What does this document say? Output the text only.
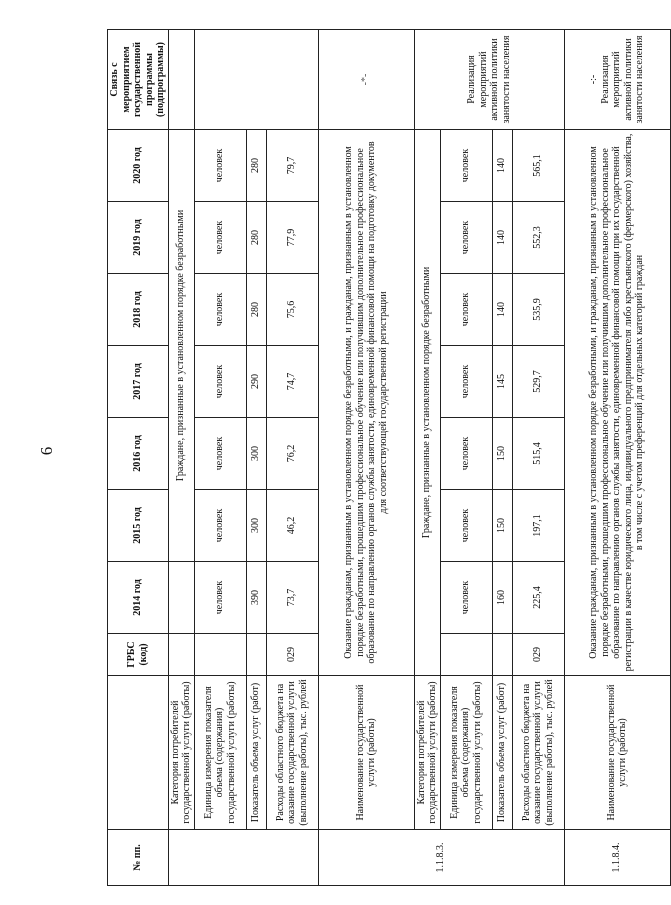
6
№ пп.		ГРБС (код)	2014 год	2015 год	2016 год	2017 год	2018 год	2019 год	2020 год	Связь с мероприятием государственной программы (подпрограммы)	
	Категория потребителей государственной услуги (работы)			Граждане, признанные в установленном порядке безработными		
	Единица измерения показателя объема (содержания) государственной услуги (работы)		человек	человек	человек	человек	человек	человек	человек		
	Показатель объема услуг (работ)		390	300	300	290	280	280	280		
	Расходы областного бюджета на оказание государственной услуги (выполнение работы), тыс. рублей	029	73,7	46,2	76,2	74,7	75,6	77,9	79,7		
1.1.8.3.	Наименование государственной услуги (работы)	Оказание гражданам, признанным в установленном порядке безработными, и гражданам, признанным в установленном порядке безработными, прошедшим профессиональное обучение или получившим дополнительное профессиональное образование по направлению органов службы занятости, единовременной финансовой помощи на подготовку документов для соответствующей государственной регистрации								-*-	
	Категория потребителей государственной услуги (работы)	Граждане, признанные в установленном порядке безработными								Реализация мероприятий активной политики занятости населения	
	Единица измерения показателя объема (содержания) государственной услуги (работы)		человек	человек	человек	человек	человек	человек	человек		
	Показатель объема услуг (работ)		160	150	150	145	140	140	140		
	Расходы областного бюджета на оказание государственной услуги (выполнение работы), тыс. рублей	029	225,4	197,1	515,4	529,7	535,9	552,3	565,1		
1.1.8.4.	Наименование государственной услуги (работы)	Оказание гражданам, признанным в установленном порядке безработными, и гражданам, признанным в установленном порядке безработными, прошедшим профессиональное обучение или получившим дополнительное профессиональное образование по направлению органов службы занятости, единовременной финансовой помощи при их государственной регистрации в качестве юридического лица, индивидуального предпринимателя либо крестьянского (фермерского) хозяйства, в том числе с учетом преференций для отдельных категорий граждан								-:- Реализация мероприятий активной политики занятости населения	
